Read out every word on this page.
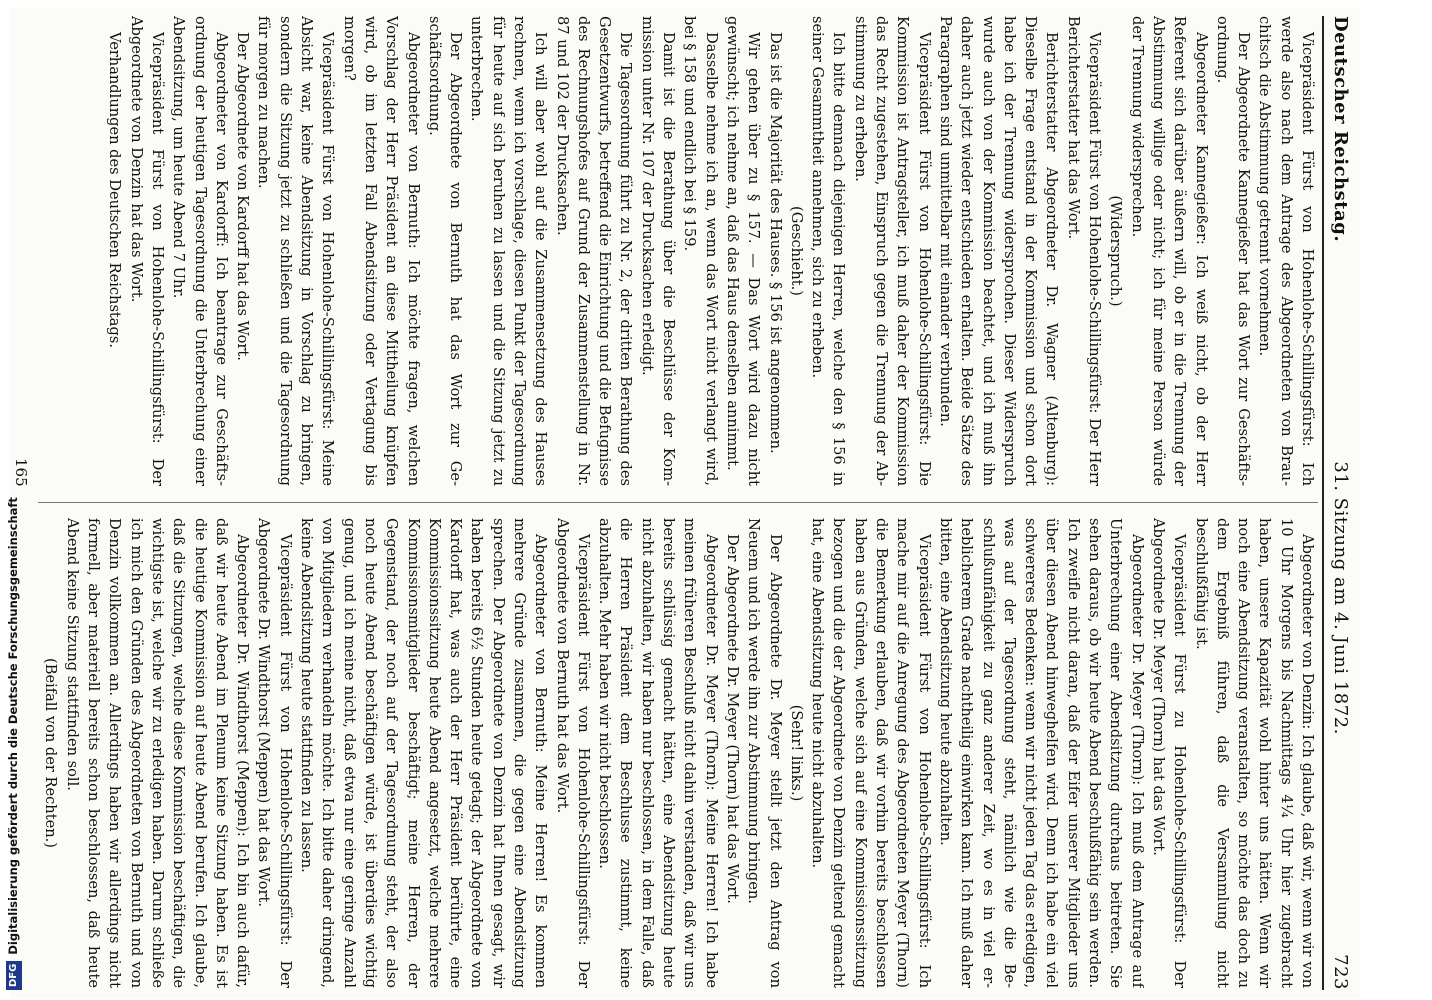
Deutscher Reichstag.
31. Sitzung am 4. Juni 1872.
723

Vicepräsident Fürst von Hohenlohe-Schillingsfürst: Ich werde also nach dem Antrage des Abgeordneten von Brauchitsch die Abstimmung getrennt vornehmen.

Der Abgeordnete Kannegießer hat das Wort zur Geschäftsordnung.

Abgeordneter Kannegießer: Ich weiß nicht, ob der Herr Referent sich darüber äußern will, ob er in die Trennung der Abstimmung willige oder nicht; ich für meine Person würde der Trennung widersprechen.

(Widerspruch.)

Vicepräsident Fürst von Hohenlohe-Schillingsfürst: Der Herr Berichterstatter hat das Wort.

Berichterstatter Abgeordneter Dr. Wagner (Altenburg): Dieselbe Frage entstand in der Kommission und schon dort habe ich der Trennung widersprochen. Dieser Widerspruch wurde auch von der Kommission beachtet, und ich muß ihn daher auch jetzt wieder entschieden erhalten. Beide Sätze des Paragraphen sind unmittelbar mit einander verbunden.

Vicepräsident Fürst von Hohenlohe-Schillingsfürst: Die Kommission ist Antragsteller, ich muß daher der Kommission das Recht zugestehen, Einspruch gegen die Trennung der Abstimmung zu erheben.

Ich bitte demnach diejenigen Herren, welche den § 156 in seiner Gesammtheit annehmen, sich zu erheben.

(Geschieht.)

Das ist die Majorität des Hauses. § 156 ist angenommen.

Wir gehen über zu § 157. — Das Wort wird dazu nicht gewünscht; ich nehme an, daß das Haus denselben annimmt.

Dasselbe nehme ich an, wenn das Wort nicht verlangt wird, bei § 158 und endlich bei § 159.

Damit ist die Berathung über die Beschlüsse der Kommission unter Nr. 107 der Drucksachen erledigt.

Die Tagesordnung führt zu Nr. 2, der dritten Berathung des Gesetzentwurfs, betreffend die Einrichtung und die Befugnisse des Rechnungshofes auf Grund der Zusammenstellung in Nr. 87 und 102 der Drucksachen.

Ich will aber wohl auf die Zusammensetzung des Hauses rechnen, wenn ich vorschlage, diesen Punkt der Tagesordnung für heute auf sich beruhen zu lassen und die Sitzung jetzt zu unterbrechen.

Der Abgeordnete von Bernuth hat das Wort zur Geschäftsordnung.

Abgeordneter von Bernuth: Ich möchte fragen, welchen Vorschlag der Herr Präsident an diese Mittheilung knüpfen wird, ob im letzten Fall Abendsitzung oder Vertagung bis morgen?

Vicepräsident Fürst von Hohenlohe-Schillingsfürst: Meine Absicht war, keine Abendsitzung in Vorschlag zu bringen, sondern die Sitzung jetzt zu schließen und die Tagesordnung für morgen zu machen.

Der Abgeordnete von Kardorff hat das Wort.

Abgeordneter von Kardorff: Ich beantrage zur Geschäftsordnung der heutigen Tagesordnung die Unterbrechung einer Abendsitzung, um heute Abend 7 Uhr.

Vicepräsident Fürst von Hohenlohe-Schillingsfürst: Der Abgeordnete von Denzin hat das Wort.

Verhandlungen des Deutschen Reichstags.

Abgeordneter von Denzin: Ich glaube, daß wir, wenn wir von 10 Uhr Morgens bis Nachmittags 4¼ Uhr hier zugebracht haben, unsere Kapazität wohl hinter uns hätten. Wenn wir noch eine Abendsitzung veranstalten, so möchte das doch zu dem Ergebniß führen, daß die Versammlung nicht beschlußfähig ist.

Vicepräsident Fürst zu Hohenlohe-Schillingsfürst: Der Abgeordnete Dr. Meyer (Thorn) hat das Wort.

Abgeordneter Dr. Meyer (Thorn): Ich muß dem Antrage auf Unterbrechung einer Abendsitzung durchaus beitreten. Sie sehen daraus, ob wir heute Abend beschlußfähig sein werden. Ich zweifle nicht daran, daß der Eifer unserer Mitglieder uns über diesen Abend hinweghelfen wird. Denn ich habe ein viel schwereres Bedenken: wenn wir nicht jeden Tag das erledigen, was auf der Tagesordnung steht, nämlich wie die Beschlußunfähigkeit zu ganz anderer Zeit, wo es in viel erheblicherem Grade nachtheilig einwirken kann. Ich muß daher bitten, eine Abendsitzung heute abzuhalten.

Vicepräsident Fürst von Hohenlohe-Schillingsfürst: Ich mache mir auf die Anregung des Abgeordneten Meyer (Thorn) die Bemerkung erlauben, daß wir vorhin bereits beschlossen haben aus Gründen, welche sich auf eine Kommissionssitzung bezogen und die der Abgeordnete von Denzin geltend gemacht hat, eine Abendsitzung heute nicht abzuhalten.

(Sehr! links.)

Der Abgeordnete Dr. Meyer stellt jetzt den Antrag von Neuem und ich werde ihn zur Abstimmung bringen.

Der Abgeordnete Dr. Meyer (Thorn) hat das Wort.

Abgeordneter Dr. Meyer (Thorn): Meine Herren! Ich habe meinen früheren Beschluß nicht dahin verstanden, daß wir uns bereits schlüssig gemacht hätten, eine Abendsitzung heute nicht abzuhalten, wir haben nur beschlossen, in dem Falle, daß die Herren Präsident dem Beschlusse zustimmt, keine abzuhalten. Mehr haben wir nicht beschlossen.

Vicepräsident Fürst von Hohenlohe-Schillingsfürst: Der Abgeordnete von Bernuth hat das Wort.

Abgeordneter von Bernuth: Meine Herren! Es kommen mehrere Gründe zusammen, die gegen eine Abendsitzung sprechen. Der Abgeordnete von Denzin hat Ihnen gesagt, wir haben bereits 6½ Stunden heute getagt; der Abgeordnete von Kardorff hat, was auch der Herr Präsident berührte, eine Kommissionssitzung heute Abend angesetzt, welche mehrere Kommissionsmitglieder beschäftigt; meine Herren, der Gegenstand, der noch auf der Tagesordnung steht, der also noch heute Abend beschäftigen würde, ist überdies wichtig genug, und ich meine nicht, daß etwa nur eine geringe Anzahl von Mitgliedern verhandeln möchte. Ich bitte daher dringend, keine Abendsitzung heute stattfinden zu lassen.

Vicepräsident Fürst von Hohenlohe-Schillingsfürst: Der Abgeordnete Dr. Windthorst (Meppen) hat das Wort.

Abgeordneter Dr. Windthorst (Meppen): Ich bin auch dafür, daß wir heute Abend im Plenum keine Sitzung haben. Es ist die heutige Kommission auf heute Abend berufen. Ich glaube, daß die Sitzungen, welche diese Kommission beschäftigen, die wichtigste ist, welche wir zu erledigen haben. Darum schließe ich mich den Gründen des Abgeordneten von Bernuth und von Denzin vollkommen an. Allerdings haben wir allerdings nicht formell, aber materiell bereits schon beschlossen, daß heute Abend keine Sitzung stattfinden soll.

(Beifall von der Rechten.)

165
DFGDigitalisierung gefördert durch die Deutsche Forschungsgemeinschaft
